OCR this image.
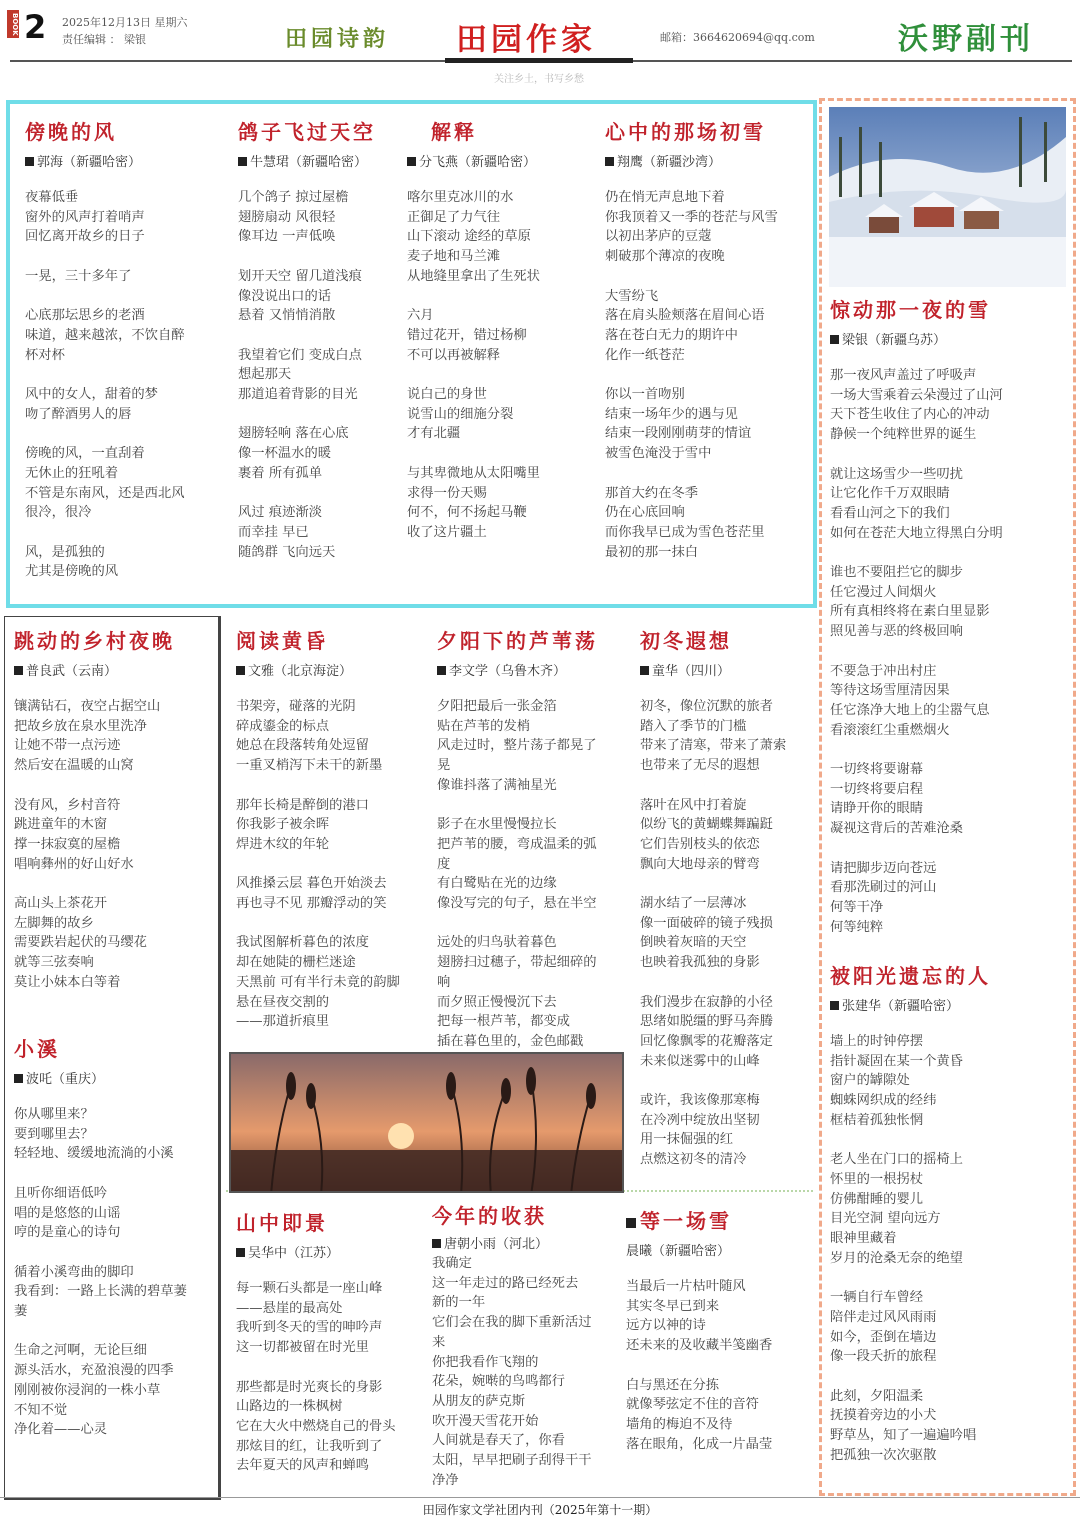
BOOK 2 2025年12月13日 星期六
责任编辑 ： 梁银	田园诗韵 田园作家	邮箱：3664620694@qq.com	沃野副刊
关注乡土，书写乡愁
傍晚的风
郭海（新疆哈密）
夜幕低垂
窗外的风声打着哨声
回忆离开故乡的日子

一晃，三十多年了

心底那坛思乡的老酒
味道，越来越浓，不饮自醉
杯对杯

风中的女人，甜着的梦
吻了醉酒男人的唇

傍晚的风，一直刮着
无休止的狂吼着
不管是东南风，还是西北风
很冷，很冷

风，是孤独的
尤其是傍晚的风
鸽子飞过天空
牛慧珺（新疆哈密）
几个鸽子 掠过屋檐
翅膀扇动 风很轻
像耳边 一声低唤

划开天空 留几道浅痕
像没说出口的话
悬着 又悄悄消散

我望着它们 变成白点
想起那天
那道追着背影的目光

翅膀轻响 落在心底
像一杯温水的暖
裹着 所有孤单

风过 痕迹渐淡
而幸挂 早已
随鸽群 飞向远天
解释
分飞燕（新疆哈密）
喀尔里克冰川的水
正御足了力气往
山下滚动 途经的草原
麦子地和马兰滩
从地缝里拿出了生死状

六月
错过花开，错过杨柳
不可以再被解释

说白己的身世
说雪山的细施分裂
才有北疆

与其卑微地从太阳嘴里
求得一份天赐
何不，何不扬起马鞭
收了这片疆土
心中的那场初雪
翔鹰（新疆沙湾）
仍在悄无声息地下着
你我顶着又一季的苍茫与风雪
以初出茅庐的豆蔻
刺破那个薄凉的夜晚

大雪纷飞
落在肩头脸颊落在眉间心语
落在苍白无力的期许中
化作一纸苍茫

你以一首吻别
结束一场年少的遇与见
结束一段刚刚萌芽的情谊
被雪色淹没于雪中

那首大约在冬季
仍在心底回响
而你我早已成为雪色苍茫里
最初的那一抹白
跳动的乡村夜晚
普良武（云南）
镶满钻石，夜空占据空山
把故乡放在泉水里洗净
让她不带一点污迹
然后安在温暖的山窝

没有风，乡村音符
跳进童年的木窗
撑一抹寂寞的屋檐
唱响彝州的好山好水

高山头上茶花开
左脚舞的故乡
需要跌岩起伏的马缨花
就等三弦奏响
莫让小妹本白等着
小溪
波吒（重庆）
你从哪里来？
要到哪里去？
轻轻地、缓缓地流淌的小溪

且听你细语低吟
唱的是悠悠的山谣
哼的是童心的诗句

循着小溪弯曲的脚印
我看到：一路上长满的碧草萋
萋

生命之河啊，无论巨细
源头活水，充盈浪漫的四季
刚刚被你浸润的一株小草
不知不觉
净化着——心灵
阅读黄昏
文雅（北京海淀）
书架旁，碰落的光阴
碎成鎏金的标点
她总在段落转角处逗留
一重叉梢泻下未干的新墨

那年长椅是醉倒的港口
你我影子被余晖
焊进木纹的年轮

风推搡云层 暮色开始淡去
再也寻不见 那瓣浮动的笑

我试图解析暮色的浓度
却在她陡的栅栏迷途
天黑前 可有半行未竟的韵脚
悬在昼夜交割的
——那道折痕里
夕阳下的芦苇荡
李文学（乌鲁木齐）
夕阳把最后一张金箔
贴在芦苇的发梢
风走过时，整片荡子都晃了
晃
像谁抖落了满袖星光

影子在水里慢慢拉长
把芦苇的腰，弯成温柔的弧
度
有白鹭贴在光的边缘
像没写完的句子，悬在半空

远处的归鸟驮着暮色
翅膀扫过穗子，带起细碎的
响
而夕照正慢慢沉下去
把每一根芦苇，都变成
插在暮色里的，金色邮戳
初冬遐想
童华（四川）
初冬，像位沉默的旅者
踏入了季节的门槛
带来了清寒，带来了萧索
也带来了无尽的遐想

落叶在风中打着旋
似纷飞的黄蝴蝶舞蹁跹
它们告别枝头的依恋
飘向大地母亲的臂弯

湖水结了一层薄冰
像一面破碎的镜子残损
倒映着灰暗的天空
也映着我孤独的身影

我们漫步在寂静的小径
思绪如脱缰的野马奔腾
回忆像飘零的花瓣落定
未来似迷雾中的山峰

或许，我该像那寒梅
在冷冽中绽放出坚韧
用一抹倔强的红
点燃这初冬的清冷
山中即景
吴华中（江苏）
每一颗石头都是一座山峰
——悬崖的最高处
我听到冬天的雪的呻吟声
这一切都被留在时光里

那些都是时光爽长的身影
山路边的一株枫树
它在大火中燃烧自己的骨头
那炫目的红，让我听到了
去年夏天的风声和蝉鸣
今年的收获
唐朝小雨（河北）
我确定
这一年走过的路已经死去
新的一年
它们会在我的脚下重新活过
来
你把我看作飞翔的
花朵，婉啭的鸟鸣都行
从朋友的萨克斯
吹开漫天雪花开始
人间就是春天了，你看
太阳，早早把刷子刮得干干
净净
等一场雪
晨曦（新疆哈密）
当最后一片枯叶随风
其实冬早已到来
远方以神的诗
还未来的及收藏半笺幽香

白与黑还在分拣
就像琴弦定不住的音符
墙角的梅迫不及待
落在眼角，化成一片晶莹
惊动那一夜的雪
梁银（新疆乌苏）
那一夜风声盖过了呼吸声
一场大雪乘着云朵漫过了山河
天下苍生收住了内心的冲动
静候一个纯粹世界的诞生

就让这场雪少一些叨扰
让它化作千万双眼睛
看看山河之下的我们
如何在苍茫大地立得黑白分明

谁也不要阻拦它的脚步
任它漫过人间烟火
所有真相终将在素白里显影
照见善与恶的终极回响

不要急于冲出村庄
等待这场雪厘清因果
任它涤净大地上的尘嚣气息
看滚滚红尘重燃烟火

一切终将要谢幕
一切终将要启程
请睁开你的眼睛
凝视这背后的苦难沧桑

请把脚步迈向苍远
看那洗刷过的河山
何等干净
何等纯粹
被阳光遗忘的人
张建华（新疆哈密）
墙上的时钟停摆
指针凝固在某一个黄昏
窗户的罅隙处
蜘蛛网织成的经纬
框桔着孤独怅惘

老人坐在门口的摇椅上
怀里的一根拐杖
仿佛酣睡的婴儿
目光空洞 望向远方
眼神里藏着
岁月的沧桑无奈的绝望

一辆自行车曾经
陪伴走过风风雨雨
如今，歪倒在墙边
像一段夭折的旅程

此刻，夕阳温柔
抚摸着旁边的小犬
野草丛，知了一遍遍吟唱
把孤独一次次驱散
田园作家文学社团内刊（2025年第十一期）
